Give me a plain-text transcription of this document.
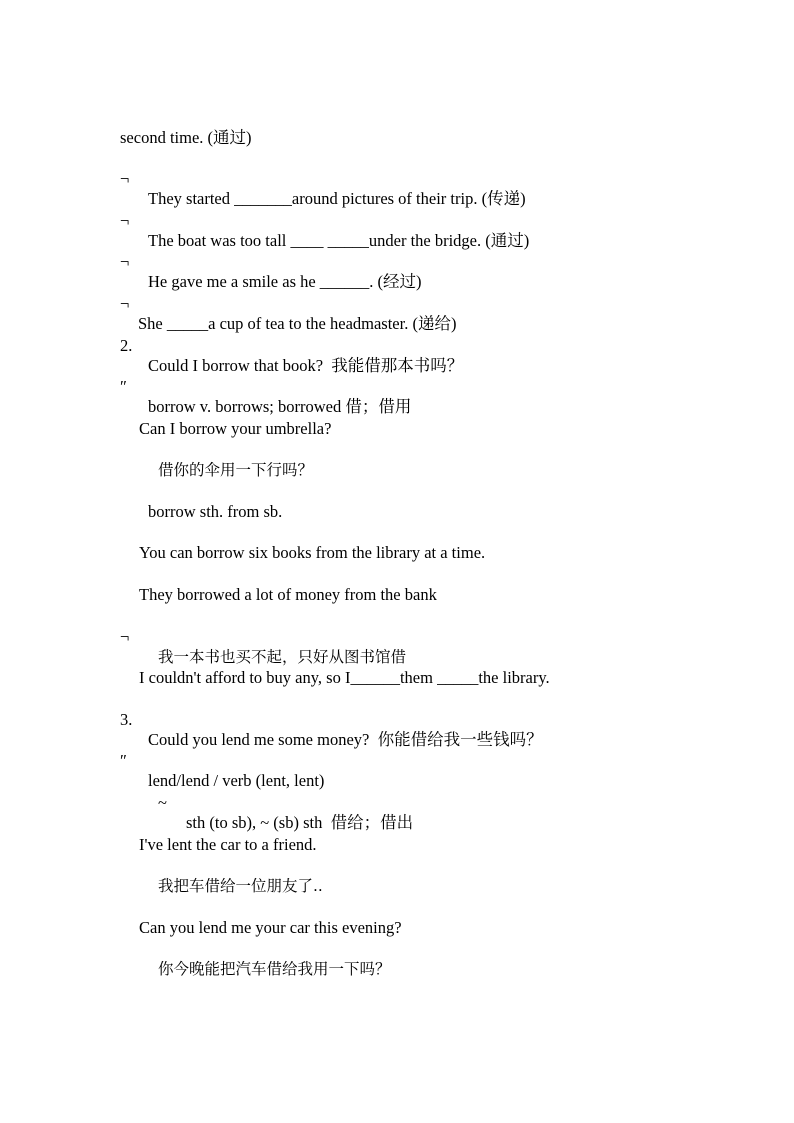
second time. (通过)

¬

They started _______around pictures of their trip. (传递)

¬

The boat was too tall ____ _____under the bridge. (通过)

¬

He gave me a smile as he ______. (经过)

¬

She _____a cup of tea to the headmaster. (递给)

2.

Could I borrow that book?  我能借那本书吗？

″

borrow v. borrows; borrowed 借；借用

Can I borrow your umbrella?

借你的伞用一下行吗？

borrow sth. from sb.

You can borrow six books from the library at a time.

They borrowed a lot of money from the bank

¬

我一本书也买不起，只好从图书馆借

I couldn't afford to buy any, so I______them _____the library.

3.

Could you lend me some money?  你能借给我一些钱吗？

″

lend/lend / verb (lent, lent)

~

sth (to sb), ~ (sb) sth  借给；借出

I've lent the car to a friend.

我把车借给一位朋友了..

Can you lend me your car this evening?

你今晚能把汽车借给我用一下吗？
